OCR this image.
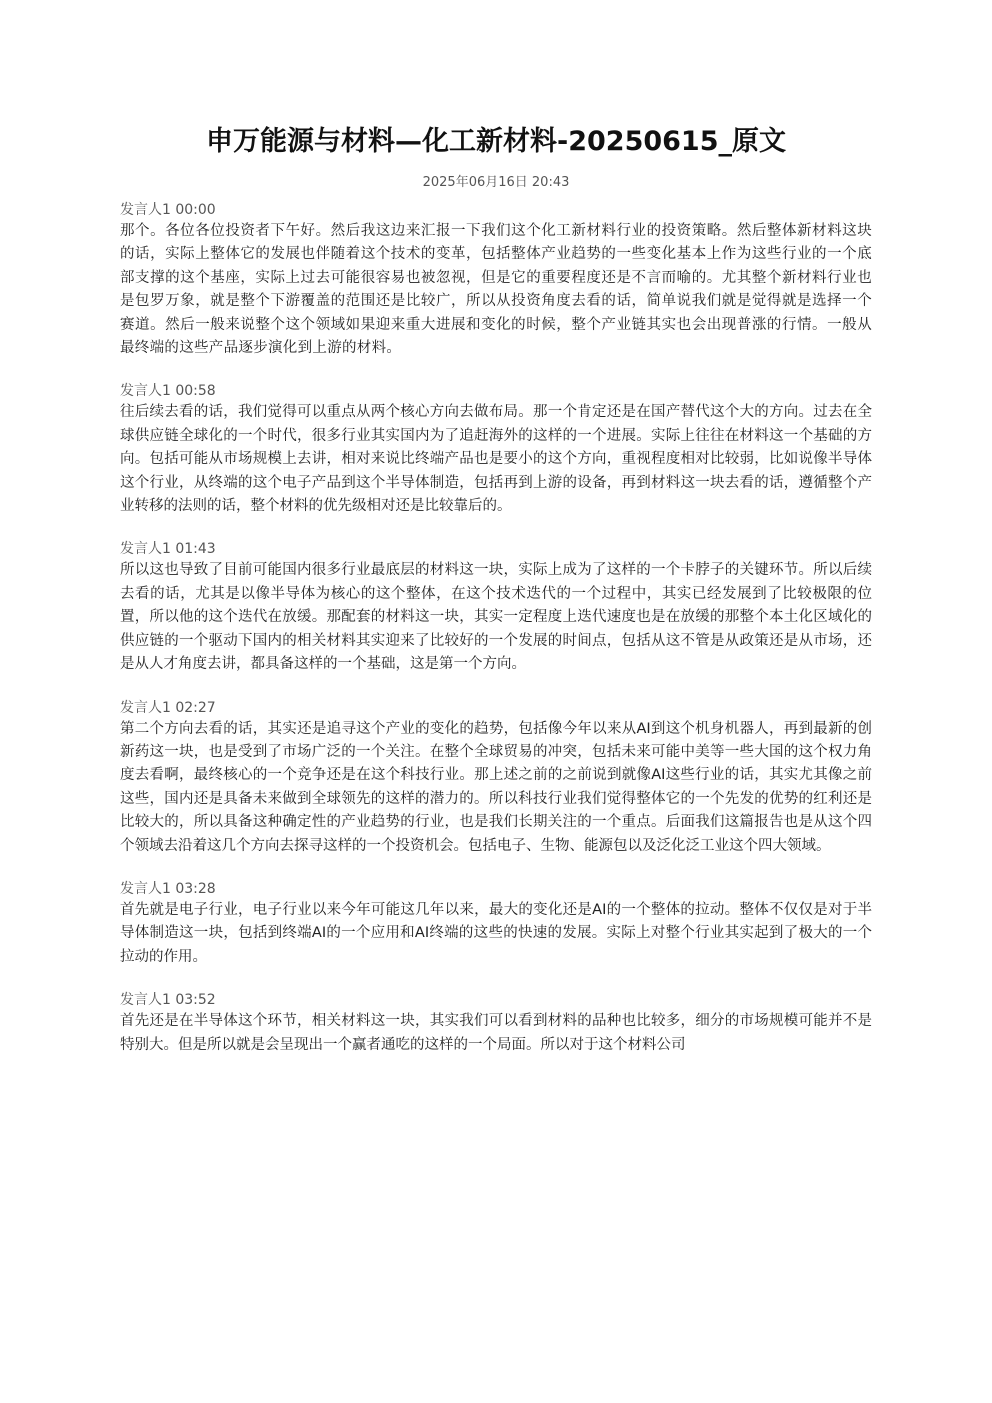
申万能源与材料—化工新材料-20250615_原文
2025年06月16日 20:43
发言人1 00:00

那个。各位各位投资者下午好。然后我这边来汇报一下我们这个化工新材料行业的投资策略。然后整体新材料这块的话，实际上整体它的发展也伴随着这个技术的变革，包括整体产业趋势的一些变化基本上作为这些行业的一个底部支撑的这个基座，实际上过去可能很容易也被忽视，但是它的重要程度还是不言而喻的。尤其整个新材料行业也是包罗万象，就是整个下游覆盖的范围还是比较广，所以从投资角度去看的话，简单说我们就是觉得就是选择一个赛道。然后一般来说整个这个领域如果迎来重大进展和变化的时候，整个产业链其实也会出现普涨的行情。一般从最终端的这些产品逐步演化到上游的材料。

发言人1 00:58

往后续去看的话，我们觉得可以重点从两个核心方向去做布局。那一个肯定还是在国产替代这个大的方向。过去在全球供应链全球化的一个时代，很多行业其实国内为了追赶海外的这样的一个进展。实际上往往在材料这一个基础的方向。包括可能从市场规模上去讲，相对来说比终端产品也是要小的这个方向，重视程度相对比较弱，比如说像半导体这个行业，从终端的这个电子产品到这个半导体制造，包括再到上游的设备，再到材料这一块去看的话，遵循整个产业转移的法则的话，整个材料的优先级相对还是比较靠后的。

发言人1 01:43

所以这也导致了目前可能国内很多行业最底层的材料这一块，实际上成为了这样的一个卡脖子的关键环节。所以后续去看的话，尤其是以像半导体为核心的这个整体，在这个技术迭代的一个过程中，其实已经发展到了比较极限的位置，所以他的这个迭代在放缓。那配套的材料这一块，其实一定程度上迭代速度也是在放缓的那整个本土化区域化的供应链的一个驱动下国内的相关材料其实迎来了比较好的一个发展的时间点，包括从这不管是从政策还是从市场，还是从人才角度去讲，都具备这样的一个基础，这是第一个方向。

发言人1 02:27

第二个方向去看的话，其实还是追寻这个产业的变化的趋势，包括像今年以来从AI到这个机身机器人，再到最新的创新药这一块，也是受到了市场广泛的一个关注。在整个全球贸易的冲突，包括未来可能中美等一些大国的这个权力角度去看啊，最终核心的一个竞争还是在这个科技行业。那上述之前的之前说到就像AI这些行业的话，其实尤其像之前这些，国内还是具备未来做到全球领先的这样的潜力的。所以科技行业我们觉得整体它的一个先发的优势的红利还是比较大的，所以具备这种确定性的产业趋势的行业，也是我们长期关注的一个重点。后面我们这篇报告也是从这个四个领域去沿着这几个方向去探寻这样的一个投资机会。包括电子、生物、能源包以及泛化泛工业这个四大领域。

发言人1 03:28

首先就是电子行业，电子行业以来今年可能这几年以来，最大的变化还是AI的一个整体的拉动。整体不仅仅是对于半导体制造这一块，包括到终端AI的一个应用和AI终端的这些的快速的发展。实际上对整个行业其实起到了极大的一个拉动的作用。

发言人1 03:52

首先还是在半导体这个环节，相关材料这一块，其实我们可以看到材料的品种也比较多，细分的市场规模可能并不是特别大。但是所以就是会呈现出一个赢者通吃的这样的一个局面。所以对于这个材料公司
